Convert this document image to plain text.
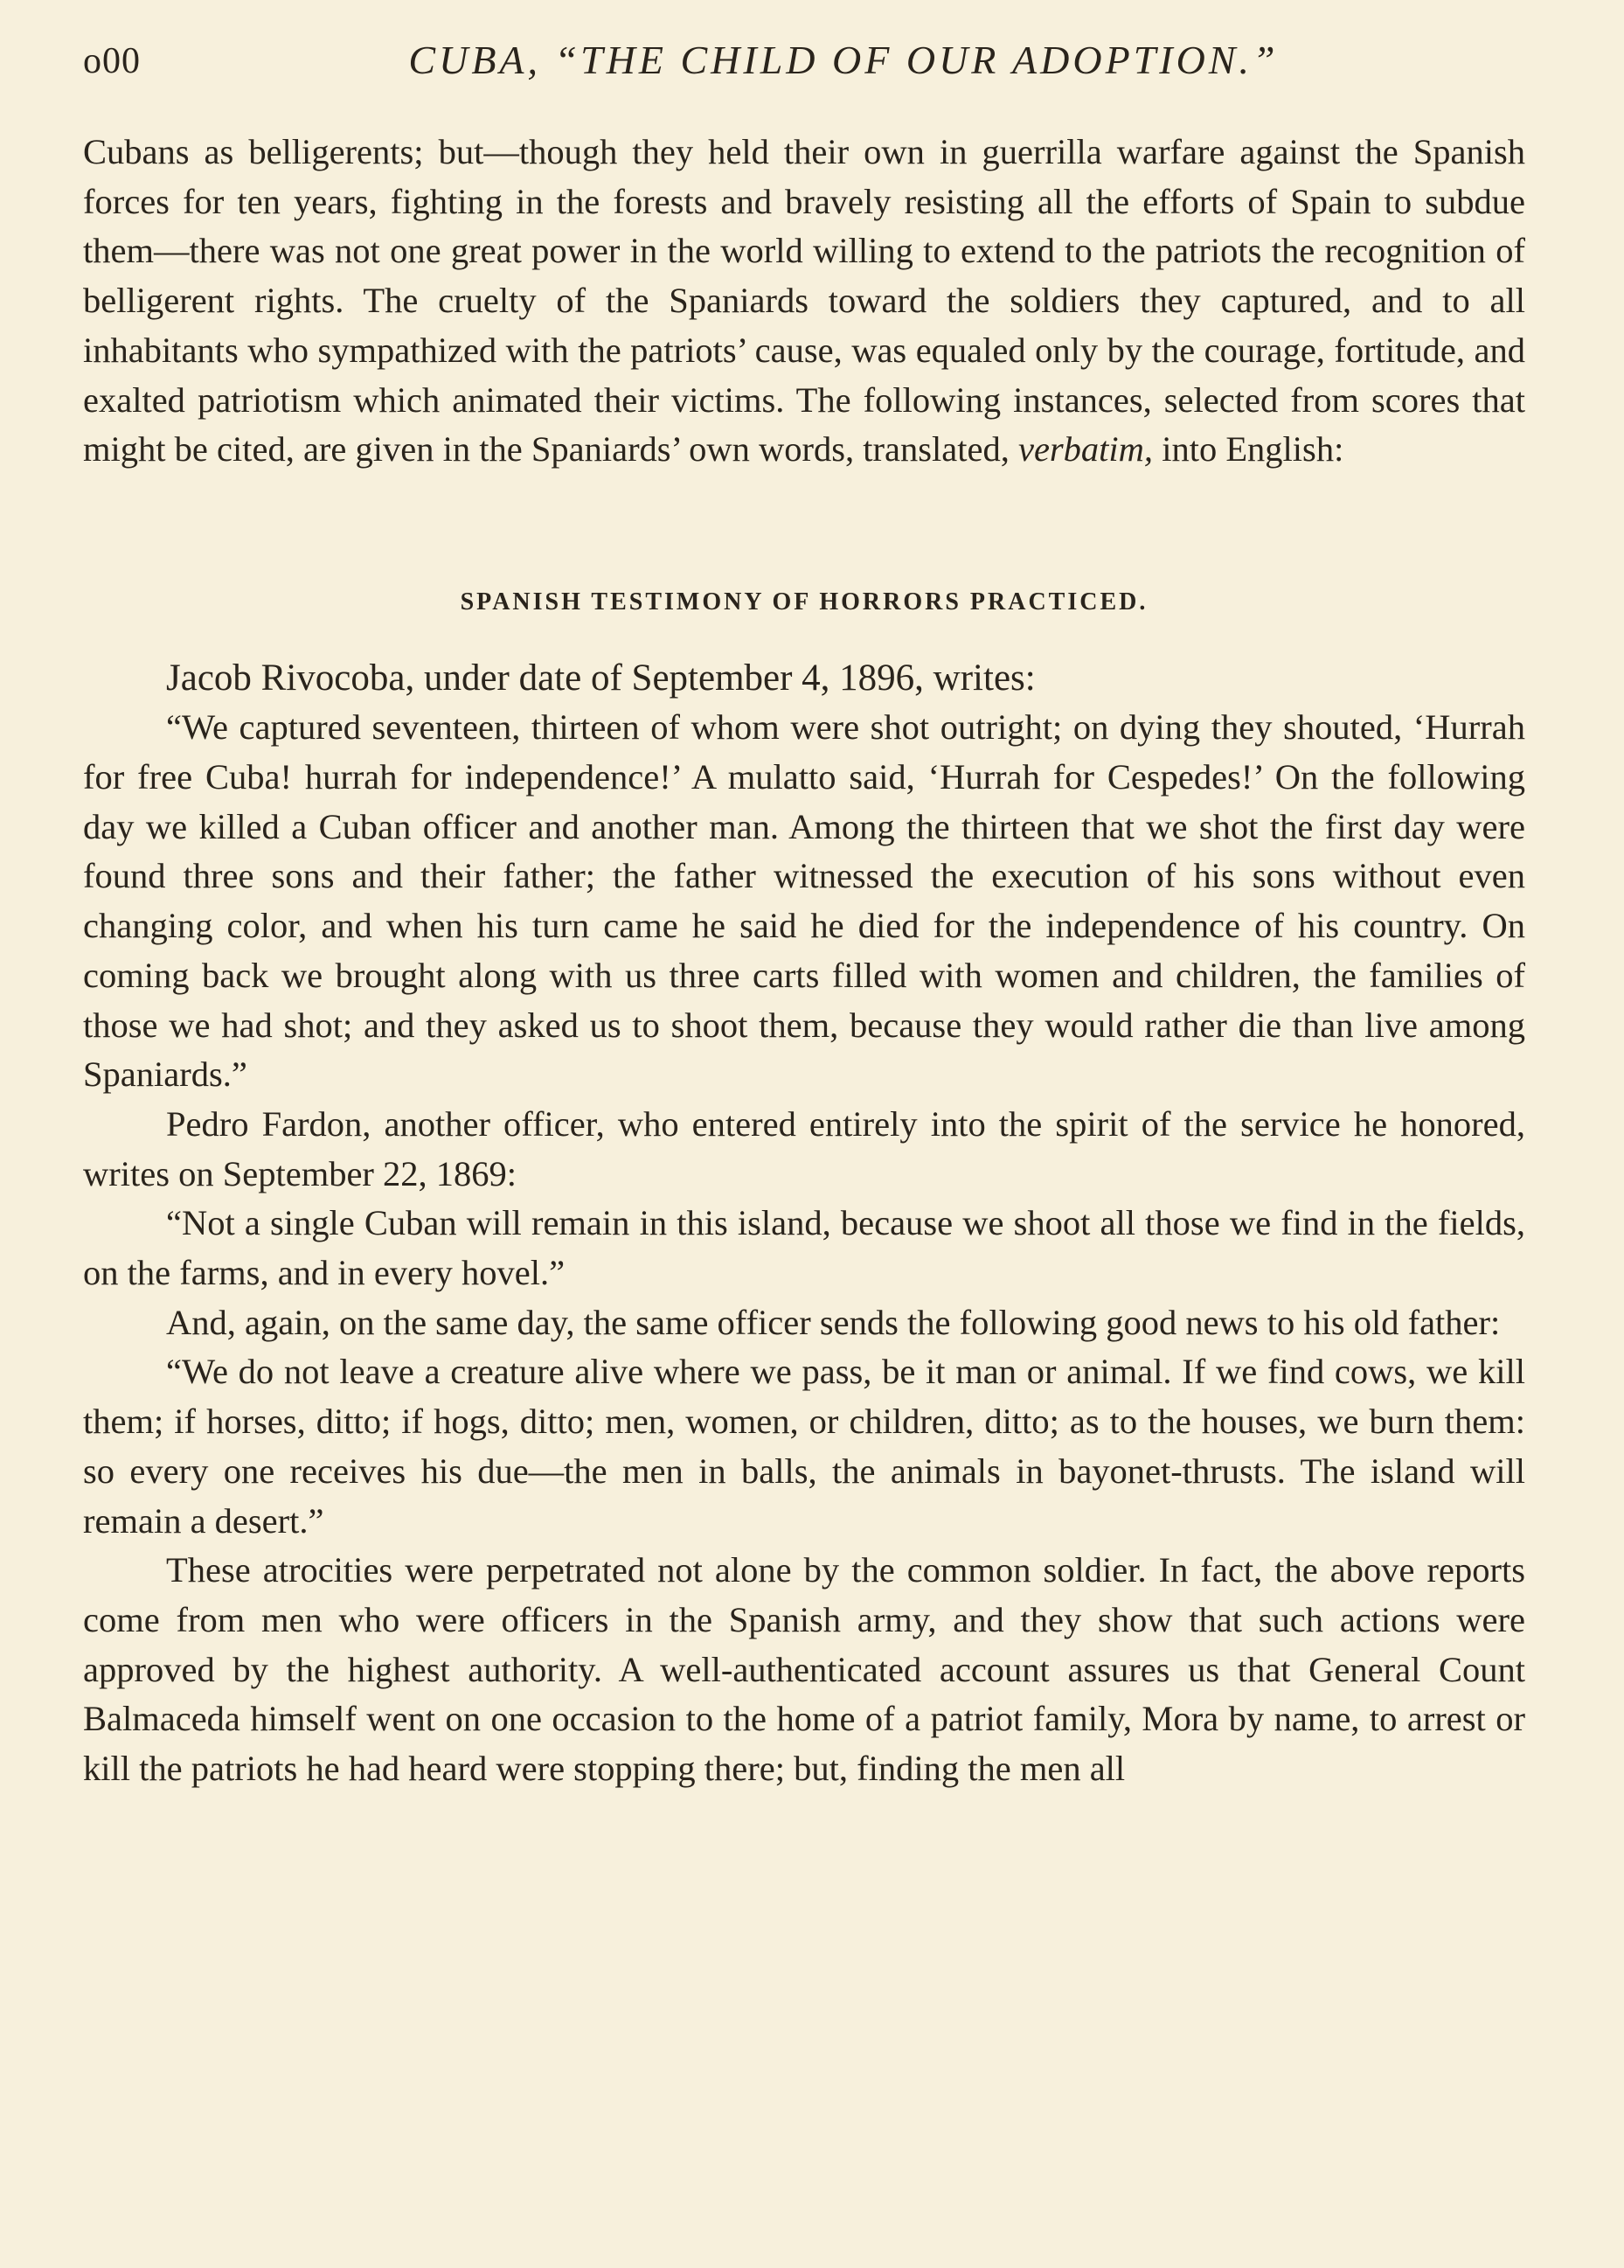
o00	CUBA, “THE CHILD OF OUR ADOPTION.”

Cubans as belligerents; but—though they held their own in guerrilla warfare against the Spanish forces for ten years, fighting in the forests and bravely resisting all the efforts of Spain to subdue them—there was not one great power in the world willing to extend to the patriots the recognition of belligerent rights. The cruelty of the Spaniards toward the soldiers they captured, and to all inhabitants who sympathized with the patriots’ cause, was equaled only by the courage, fortitude, and exalted patriotism which animated their victims. The following instances, selected from scores that might be cited, are given in the Spaniards’ own words, translated, verbatim, into English:

SPANISH TESTIMONY OF HORRORS PRACTICED.

Jacob Rivocoba, under date of September 4, 1896, writes:

“We captured seventeen, thirteen of whom were shot outright; on dying they shouted, ‘Hurrah for free Cuba! hurrah for independence!’ A mulatto said, ‘Hurrah for Cespedes!’ On the following day we killed a Cuban officer and another man. Among the thirteen that we shot the first day were found three sons and their father; the father witnessed the execution of his sons without even changing color, and when his turn came he said he died for the independence of his country. On coming back we brought along with us three carts filled with women and children, the families of those we had shot; and they asked us to shoot them, because they would rather die than live among Spaniards.”

Pedro Fardon, another officer, who entered entirely into the spirit of the service he honored, writes on September 22, 1869:

“Not a single Cuban will remain in this island, because we shoot all those we find in the fields, on the farms, and in every hovel.”

And, again, on the same day, the same officer sends the following good news to his old father:

“We do not leave a creature alive where we pass, be it man or animal. If we find cows, we kill them; if horses, ditto; if hogs, ditto; men, women, or children, ditto; as to the houses, we burn them: so every one receives his due—the men in balls, the animals in bayonet-thrusts. The island will remain a desert.”

These atrocities were perpetrated not alone by the common soldier. In fact, the above reports come from men who were officers in the Spanish army, and they show that such actions were approved by the highest authority. A well-authenticated account assures us that General Count Balmaceda himself went on one occasion to the home of a patriot family, Mora by name, to arrest or kill the patriots he had heard were stopping there; but, finding the men all
